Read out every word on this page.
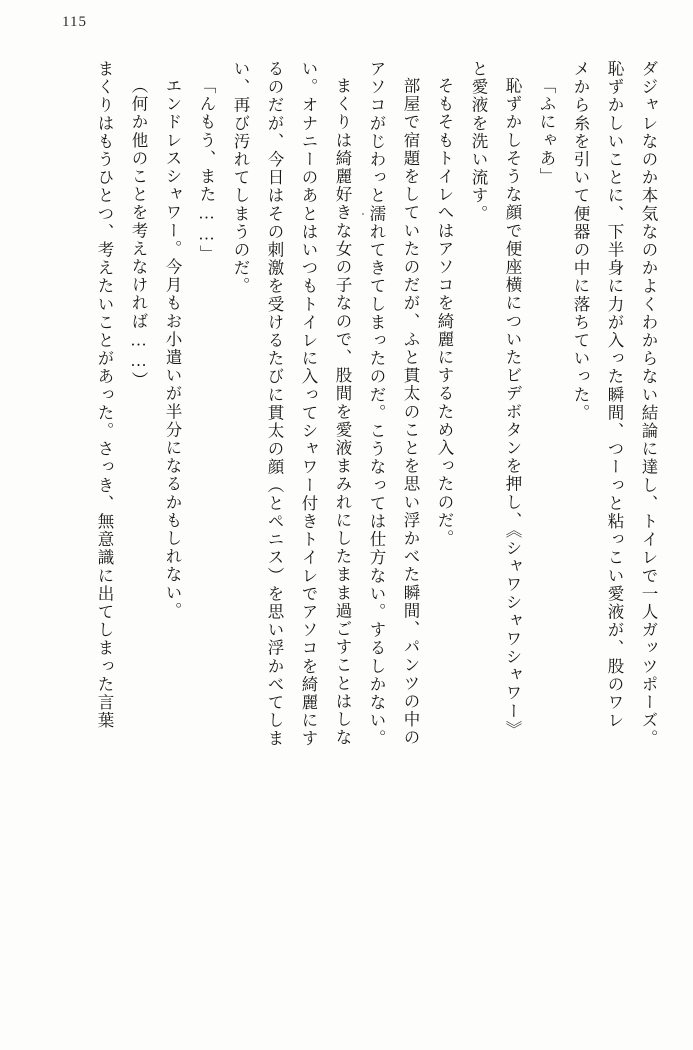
115
ダジャレなのか本気なのかよくわからない結論に達し、トイレで一人ガッツポーズ。
恥ずかしいことに、下半身に力が入った瞬間、つーっと粘っこい愛液が、股のワレ
メから糸を引いて便器の中に落ちていった。
「ふにゃあ」
恥ずかしそうな顔で便座横についたビデボタンを押し、《シャワシャワシャワー》
と愛液を洗い流す。
そもそもトイレへはアソコを綺麗にするため入ったのだ。
部屋で宿題をしていたのだが、ふと貫太のことを思い浮かべた瞬間、パンツの中の
アソコがじわっと濡れてきてしまったのだ。こうなっては仕方ない。するしかない。
まくりは綺麗好きな女の子なので、股間を愛液まみれにしたまま過ごすことはしな
い。オナニーのあとはいつもトイレに入ってシャワー付きトイレでアソコを綺麗にす
るのだが、今日はその刺激を受けるたびに貫太の顔（とペニス）を思い浮かべてしま
い、再び汚れてしまうのだ。
「んもう、また……」
エンドレスシャワー。今月もお小遣いが半分になるかもしれない。
（何か他のことを考えなければ……）
まくりはもうひとつ、考えたいことがあった。さっき、無意識に出てしまった言葉
